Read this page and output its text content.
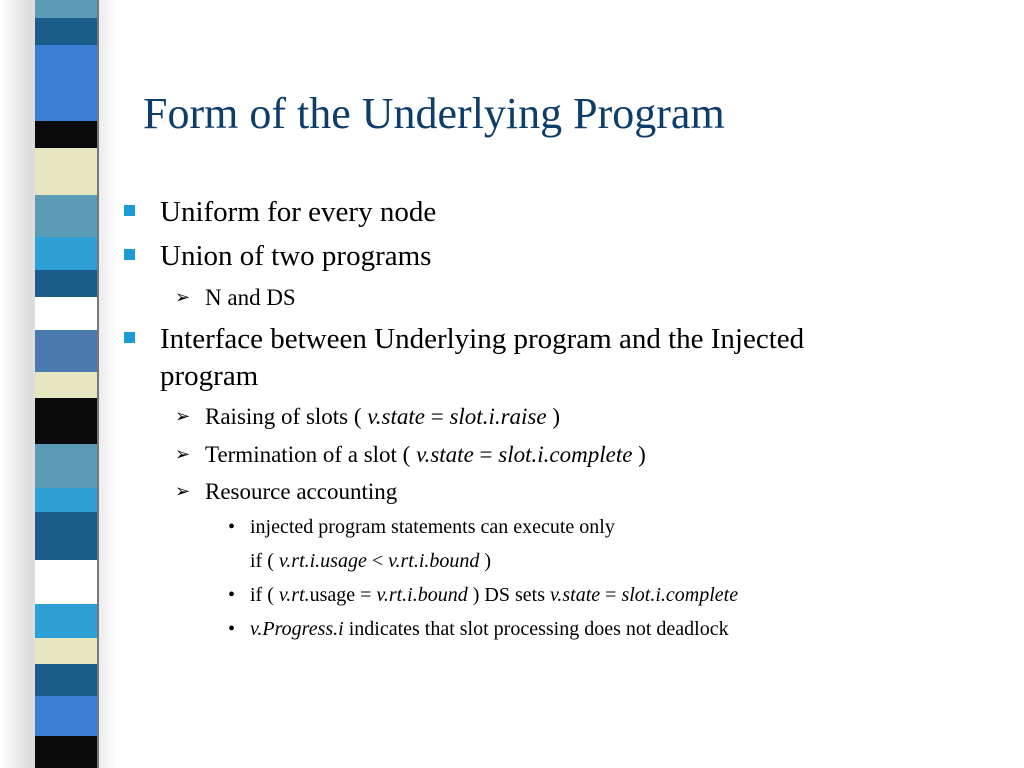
Form of the Underlying Program
Uniform for every node
Union of two programs
➢ N and DS
Interface between Underlying program and the Injected
program
➢ Raising of slots ( v.state = slot.i.raise )
➢ Termination of a slot ( v.state = slot.i.complete )
➢ Resource accounting
• injected program statements can execute only
if ( v.rt.i.usage < v.rt.i.bound )
• if ( v.rt.usage = v.rt.i.bound ) DS sets v.state = slot.i.complete
• v.Progress.i indicates that slot processing does not deadlock
